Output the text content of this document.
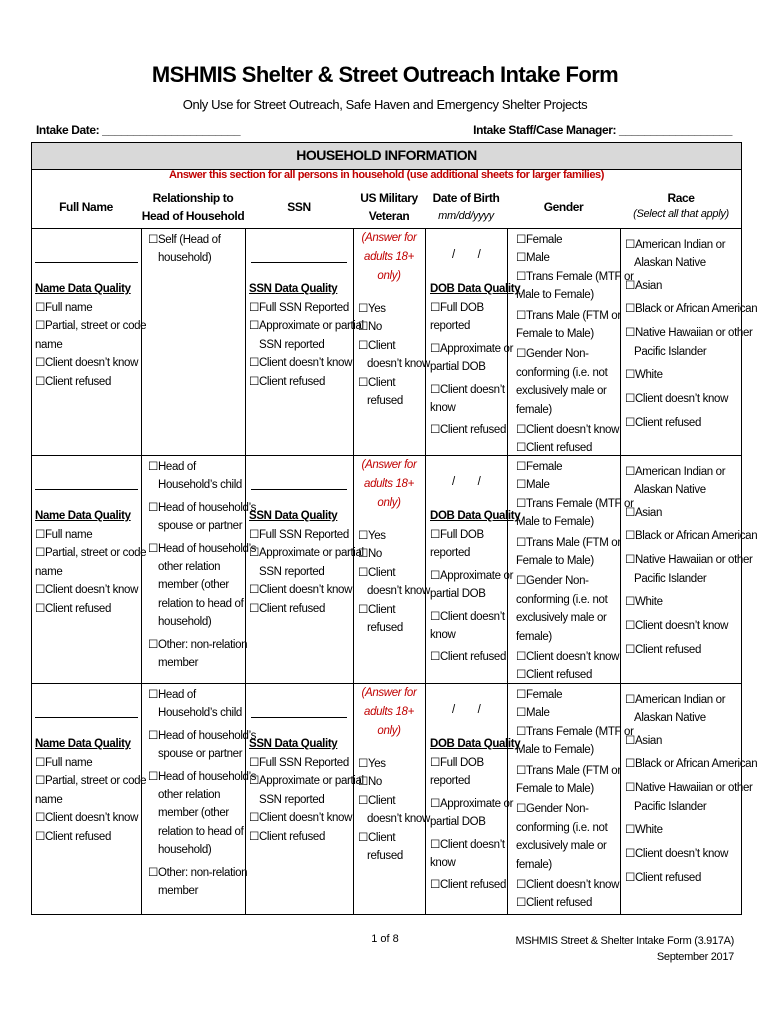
MSHMIS Shelter & Street Outreach Intake Form
Only Use for Street Outreach, Safe Haven and Emergency Shelter Projects
Intake Date: ______________________	Intake Staff/Case Manager: __________________
HOUSEHOLD INFORMATION
Answer this section for all persons in household (use additional sheets for larger families)
Full Name
Relationship to
Head of Household
SSN
US Military
Veteran
Date of Birth
mm/dd/yyyy
Gender
Race
(Select all that apply)
Name Data Quality
☐ Full name
☐ Partial, street or code
name
☐ Client doesn’t know
☐ Client refused
☐ Self (Head of
household)
SSN Data Quality
☐ Full SSN Reported
☐ Approximate or partial
SSN reported
☐ Client doesn’t know
☐ Client refused
(Answer for
adults 18+
only)
☐ Yes
☐ No
☐ Client
doesn’t know
☐ Client
refused
/        /
DOB Data Quality
☐ Full DOB
reported
☐ Approximate or
partial DOB
☐ Client doesn’t
know
☐ Client refused
☐ Female
☐ Male
☐ Trans Female (MTF or
Male to Female)
☐ Trans Male (FTM or
Female to Male)
☐ Gender Non-
conforming (i.e. not
exclusively male or
female)
☐ Client doesn’t know
☐ Client refused
☐ American Indian or
Alaskan Native
☐ Asian
☐ Black or African American
☐ Native Hawaiian or other
Pacific Islander
☐ White
☐ Client doesn’t know
☐ Client refused
Name Data Quality
☐ Full name
☐ Partial, street or code
name
☐ Client doesn’t know
☐ Client refused
☐ Head of
Household’s child
☐ Head of household’s
spouse or partner
☐ Head of household’s
other relation
member (other
relation to head of
household)
☐ Other: non-relation
member
SSN Data Quality
☐ Full SSN Reported
☐ Approximate or partial
SSN reported
☐ Client doesn’t know
☐ Client refused
(Answer for
adults 18+
only)
☐ Yes
☐ No
☐ Client
doesn’t know
☐ Client
refused
/        /
DOB Data Quality
☐ Full DOB
reported
☐ Approximate or
partial DOB
☐ Client doesn’t
know
☐ Client refused
☐ Female
☐ Male
☐ Trans Female (MTF or
Male to Female)
☐ Trans Male (FTM or
Female to Male)
☐ Gender Non-
conforming (i.e. not
exclusively male or
female)
☐ Client doesn’t know
☐ Client refused
☐ American Indian or
Alaskan Native
☐ Asian
☐ Black or African American
☐ Native Hawaiian or other
Pacific Islander
☐ White
☐ Client doesn’t know
☐ Client refused
Name Data Quality
☐ Full name
☐ Partial, street or code
name
☐ Client doesn’t know
☐ Client refused
☐ Head of
Household’s child
☐ Head of household’s
spouse or partner
☐ Head of household’s
other relation
member (other
relation to head of
household)
☐ Other: non-relation
member
SSN Data Quality
☐ Full SSN Reported
☐ Approximate or partial
SSN reported
☐ Client doesn’t know
☐ Client refused
(Answer for
adults 18+
only)
☐ Yes
☐ No
☐ Client
doesn’t know
☐ Client
refused
/        /
DOB Data Quality
☐ Full DOB
reported
☐ Approximate or
partial DOB
☐ Client doesn’t
know
☐ Client refused
☐ Female
☐ Male
☐ Trans Female (MTF or
Male to Female)
☐ Trans Male (FTM or
Female to Male)
☐ Gender Non-
conforming (i.e. not
exclusively male or
female)
☐ Client doesn’t know
☐ Client refused
☐ American Indian or
Alaskan Native
☐ Asian
☐ Black or African American
☐ Native Hawaiian or other
Pacific Islander
☐ White
☐ Client doesn’t know
☐ Client refused
1 of 8	MSHMIS Street & Shelter Intake Form (3.917A)
September 2017
